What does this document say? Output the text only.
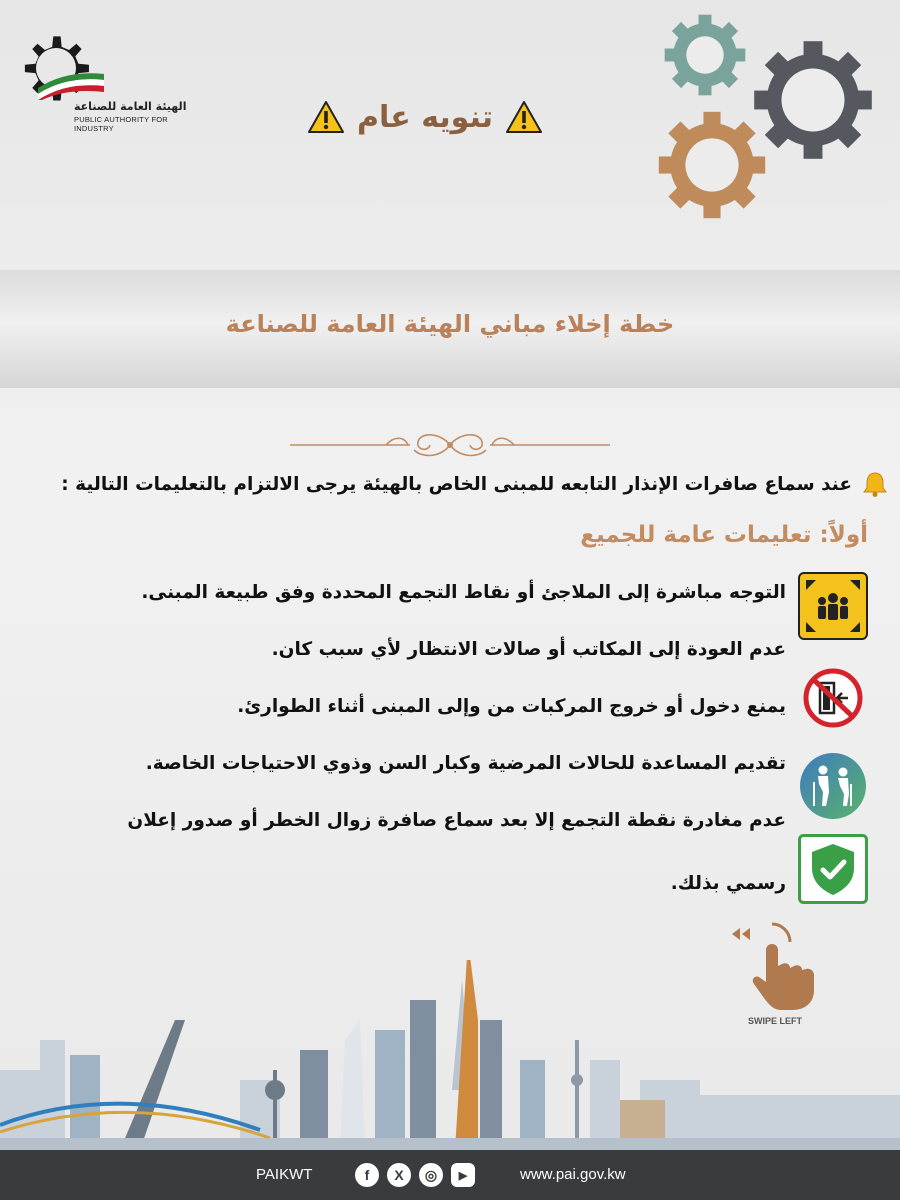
الهيئة العامة للصناعة
PUBLIC AUTHORITY FOR INDUSTRY	تنويه عام
خطة إخلاء مباني الهيئة العامة للصناعة
عند سماع صافرات الإنذار التابعه للمبنى الخاص بالهيئة يرجى الالتزام بالتعليمات التالية :
أولاً: تعليمات عامة للجميع
التوجه مباشرة إلى الملاجئ أو نقاط التجمع المحددة وفق طبيعة المبنى.
عدم العودة إلى المكاتب أو صالات الانتظار لأي سبب كان.
يمنع دخول أو خروج المركبات من وإلى المبنى أثناء الطوارئ.
تقديم المساعدة للحالات المرضية وكبار السن وذوي الاحتياجات الخاصة.
عدم مغادرة نقطة التجمع إلا بعد سماع صافرة زوال الخطر أو صدور إعلان
رسمي بذلك.
SWIPE LEFT
PAIKWT	f X ◎ ▶	www.pai.gov.kw
